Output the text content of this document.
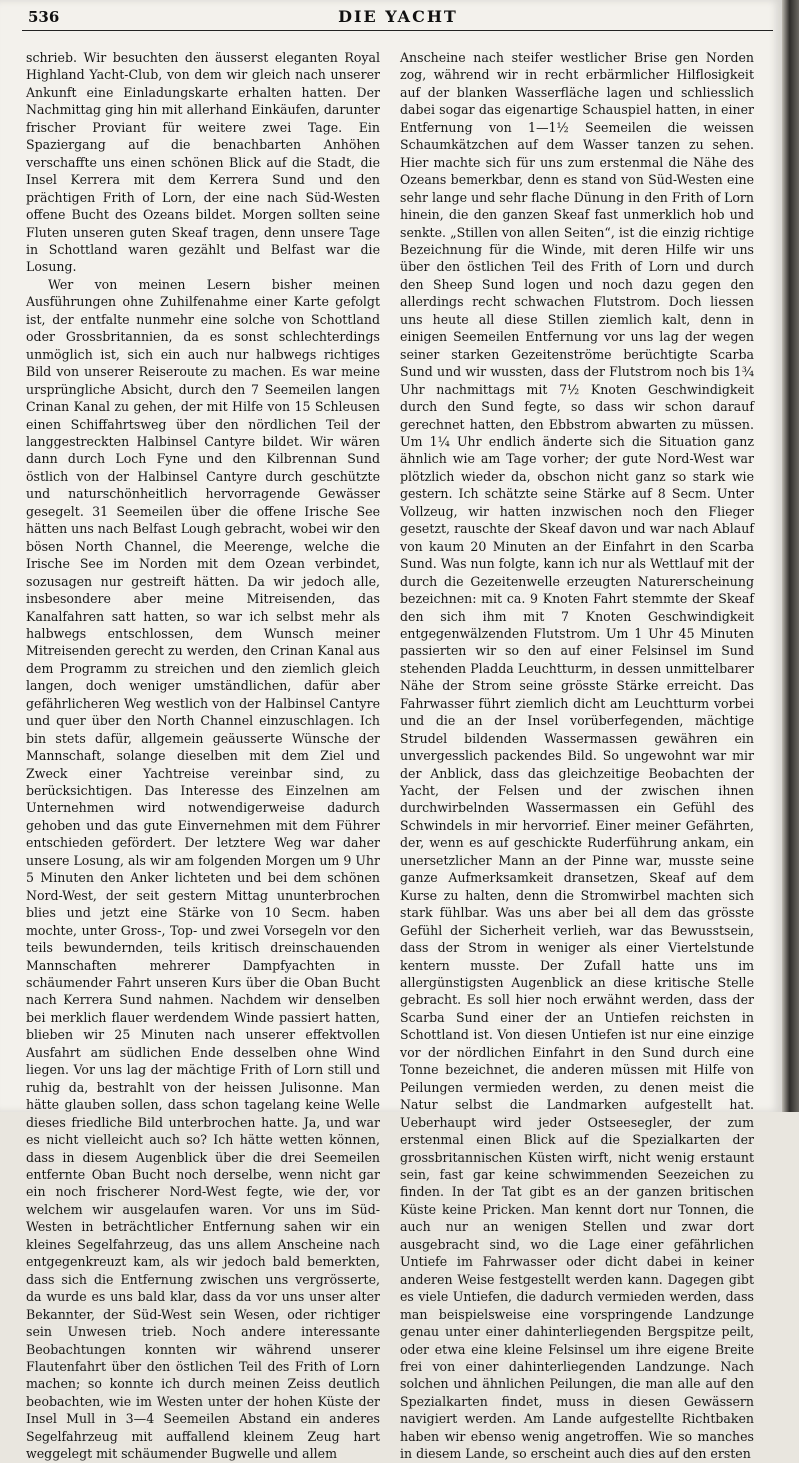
536	DIE YACHT

schrieb. Wir besuchten den äusserst eleganten Royal Highland Yacht-Club, von dem wir gleich nach unserer Ankunft eine Einladungskarte erhalten hatten. Der Nachmittag ging hin mit allerhand Einkäufen, darunter frischer Proviant für weitere zwei Tage. Ein Spaziergang auf die benachbarten Anhöhen verschaffte uns einen schönen Blick auf die Stadt, die Insel Kerrera mit dem Kerrera Sund und den prächtigen Frith of Lorn, der eine nach Süd-Westen offene Bucht des Ozeans bildet. Morgen sollten seine Fluten unseren guten Skeaf tragen, denn unsere Tage in Schottland waren gezählt und Belfast war die Losung.

Wer von meinen Lesern bisher meinen Ausführungen ohne Zuhilfenahme einer Karte gefolgt ist, der entfalte nunmehr eine solche von Schottland oder Grossbritannien, da es sonst schlechterdings unmöglich ist, sich ein auch nur halbwegs richtiges Bild von unserer Reiseroute zu machen. Es war meine ursprüngliche Absicht, durch den 7 Seemeilen langen Crinan Kanal zu gehen, der mit Hilfe von 15 Schleusen einen Schiffahrtsweg über den nördlichen Teil der langgestreckten Halbinsel Cantyre bildet. Wir wären dann durch Loch Fyne und den Kilbrennan Sund östlich von der Halbinsel Cantyre durch geschützte und naturschönheitlich hervorragende Gewässer gesegelt. 31 Seemeilen über die offene Irische See hätten uns nach Belfast Lough gebracht, wobei wir den bösen North Channel, die Meerenge, welche die Irische See im Norden mit dem Ozean verbindet, sozusagen nur gestreift hätten. Da wir jedoch alle, insbesondere aber meine Mitreisenden, das Kanalfahren satt hatten, so war ich selbst mehr als halbwegs entschlossen, dem Wunsch meiner Mitreisenden gerecht zu werden, den Crinan Kanal aus dem Programm zu streichen und den ziemlich gleich langen, doch weniger umständlichen, dafür aber gefährlicheren Weg westlich von der Halbinsel Cantyre und quer über den North Channel einzuschlagen. Ich bin stets dafür, allgemein geäusserte Wünsche der Mannschaft, solange dieselben mit dem Ziel und Zweck einer Yachtreise vereinbar sind, zu berücksichtigen. Das Interesse des Einzelnen am Unternehmen wird notwendigerweise dadurch gehoben und das gute Einvernehmen mit dem Führer entschieden gefördert. Der letztere Weg war daher unsere Losung, als wir am folgenden Morgen um 9 Uhr 5 Minuten den Anker lichteten und bei dem schönen Nord-West, der seit gestern Mittag ununterbrochen blies und jetzt eine Stärke von 10 Secm. haben mochte, unter Gross-, Top- und zwei Vorsegeln vor den teils bewundernden, teils kritisch dreinschauenden Mannschaften mehrerer Dampfyachten in schäumender Fahrt unseren Kurs über die Oban Bucht nach Kerrera Sund nahmen. Nachdem wir denselben bei merklich flauer werdendem Winde passiert hatten, blieben wir 25 Minuten nach unserer effektvollen Ausfahrt am südlichen Ende desselben ohne Wind liegen. Vor uns lag der mächtige Frith of Lorn still und ruhig da, bestrahlt von der heissen Julisonne. Man hätte glauben sollen, dass schon tagelang keine Welle dieses friedliche Bild unterbrochen hatte. Ja, und war es nicht vielleicht auch so? Ich hätte wetten können, dass in diesem Augenblick über die drei Seemeilen entfernte Oban Bucht noch derselbe, wenn nicht gar ein noch frischerer Nord-West fegte, wie der, vor welchem wir ausgelaufen waren. Vor uns im Süd-Westen in beträchtlicher Entfernung sahen wir ein kleines Segelfahrzeug, das uns allem Anscheine nach entgegenkreuzt kam, als wir jedoch bald bemerkten, dass sich die Entfernung zwischen uns vergrösserte, da wurde es uns bald klar, dass da vor uns unser alter Bekannter, der Süd-West sein Wesen, oder richtiger sein Unwesen trieb. Noch andere interessante Beobachtungen konnten wir während unserer Flautenfahrt über den östlichen Teil des Frith of Lorn machen; so konnte ich durch meinen Zeiss deutlich beobachten, wie im Westen unter der hohen Küste der Insel Mull in 3—4 Seemeilen Abstand ein anderes Segelfahrzeug mit auffallend kleinem Zeug hart weggelegt mit schäumender Bugwelle und allem

Anscheine nach steifer westlicher Brise gen Norden zog, während wir in recht erbärmlicher Hilflosigkeit auf der blanken Wasserfläche lagen und schliesslich dabei sogar das eigenartige Schauspiel hatten, in einer Entfernung von 1—1½ Seemeilen die weissen Schaumkätzchen auf dem Wasser tanzen zu sehen. Hier machte sich für uns zum erstenmal die Nähe des Ozeans bemerkbar, denn es stand von Süd-Westen eine sehr lange und sehr flache Dünung in den Frith of Lorn hinein, die den ganzen Skeaf fast unmerklich hob und senkte. „Stillen von allen Seiten“, ist die einzig richtige Bezeichnung für die Winde, mit deren Hilfe wir uns über den östlichen Teil des Frith of Lorn und durch den Sheep Sund logen und noch dazu gegen den allerdings recht schwachen Flutstrom. Doch liessen uns heute all diese Stillen ziemlich kalt, denn in einigen Seemeilen Entfernung vor uns lag der wegen seiner starken Gezeitenströme berüchtigte Scarba Sund und wir wussten, dass der Flutstrom noch bis 1¾ Uhr nachmittags mit 7½ Knoten Geschwindigkeit durch den Sund fegte, so dass wir schon darauf gerechnet hatten, den Ebbstrom abwarten zu müssen. Um 1¼ Uhr endlich änderte sich die Situation ganz ähnlich wie am Tage vorher; der gute Nord-West war plötzlich wieder da, obschon nicht ganz so stark wie gestern. Ich schätzte seine Stärke auf 8 Secm. Unter Vollzeug, wir hatten inzwischen noch den Flieger gesetzt, rauschte der Skeaf davon und war nach Ablauf von kaum 20 Minuten an der Einfahrt in den Scarba Sund. Was nun folgte, kann ich nur als Wettlauf mit der durch die Gezeitenwelle erzeugten Naturerscheinung bezeichnen: mit ca. 9 Knoten Fahrt stemmte der Skeaf den sich ihm mit 7 Knoten Geschwindigkeit entgegenwälzenden Flutstrom. Um 1 Uhr 45 Minuten passierten wir so den auf einer Felsinsel im Sund stehenden Pladda Leuchtturm, in dessen unmittelbarer Nähe der Strom seine grösste Stärke erreicht. Das Fahrwasser führt ziemlich dicht am Leuchtturm vorbei und die an der Insel vorüberfegenden, mächtige Strudel bildenden Wassermassen gewähren ein unvergesslich packendes Bild. So ungewohnt war mir der Anblick, dass das gleichzeitige Beobachten der Yacht, der Felsen und der zwischen ihnen durchwirbelnden Wassermassen ein Gefühl des Schwindels in mir hervorrief. Einer meiner Gefährten, der, wenn es auf geschickte Ruderführung ankam, ein unersetzlicher Mann an der Pinne war, musste seine ganze Aufmerksamkeit dransetzen, Skeaf auf dem Kurse zu halten, denn die Stromwirbel machten sich stark fühlbar. Was uns aber bei all dem das grösste Gefühl der Sicherheit verlieh, war das Bewusstsein, dass der Strom in weniger als einer Viertelstunde kentern musste. Der Zufall hatte uns im allergünstigsten Augenblick an diese kritische Stelle gebracht. Es soll hier noch erwähnt werden, dass der Scarba Sund einer der an Untiefen reichsten in Schottland ist. Von diesen Untiefen ist nur eine einzige vor der nördlichen Einfahrt in den Sund durch eine Tonne bezeichnet, die anderen müssen mit Hilfe von Peilungen vermieden werden, zu denen meist die Natur selbst die Landmarken aufgestellt hat. Ueberhaupt wird jeder Ostseesegler, der zum erstenmal einen Blick auf die Spezialkarten der grossbritannischen Küsten wirft, nicht wenig erstaunt sein, fast gar keine schwimmenden Seezeichen zu finden. In der Tat gibt es an der ganzen britischen Küste keine Pricken. Man kennt dort nur Tonnen, die auch nur an wenigen Stellen und zwar dort ausgebracht sind, wo die Lage einer gefährlichen Untiefe im Fahrwasser oder dicht dabei in keiner anderen Weise festgestellt werden kann. Dagegen gibt es viele Untiefen, die dadurch vermieden werden, dass man beispielsweise eine vorspringende Landzunge genau unter einer dahinterliegenden Bergspitze peilt, oder etwa eine kleine Felsinsel um ihre eigene Breite frei von einer dahinterliegenden Landzunge. Nach solchen und ähnlichen Peilungen, die man alle auf den Spezialkarten findet, muss in diesen Gewässern navigiert werden. Am Lande aufgestellte Richtbaken haben wir ebenso wenig angetroffen. Wie so manches in diesem Lande, so erscheint auch dies auf den ersten
